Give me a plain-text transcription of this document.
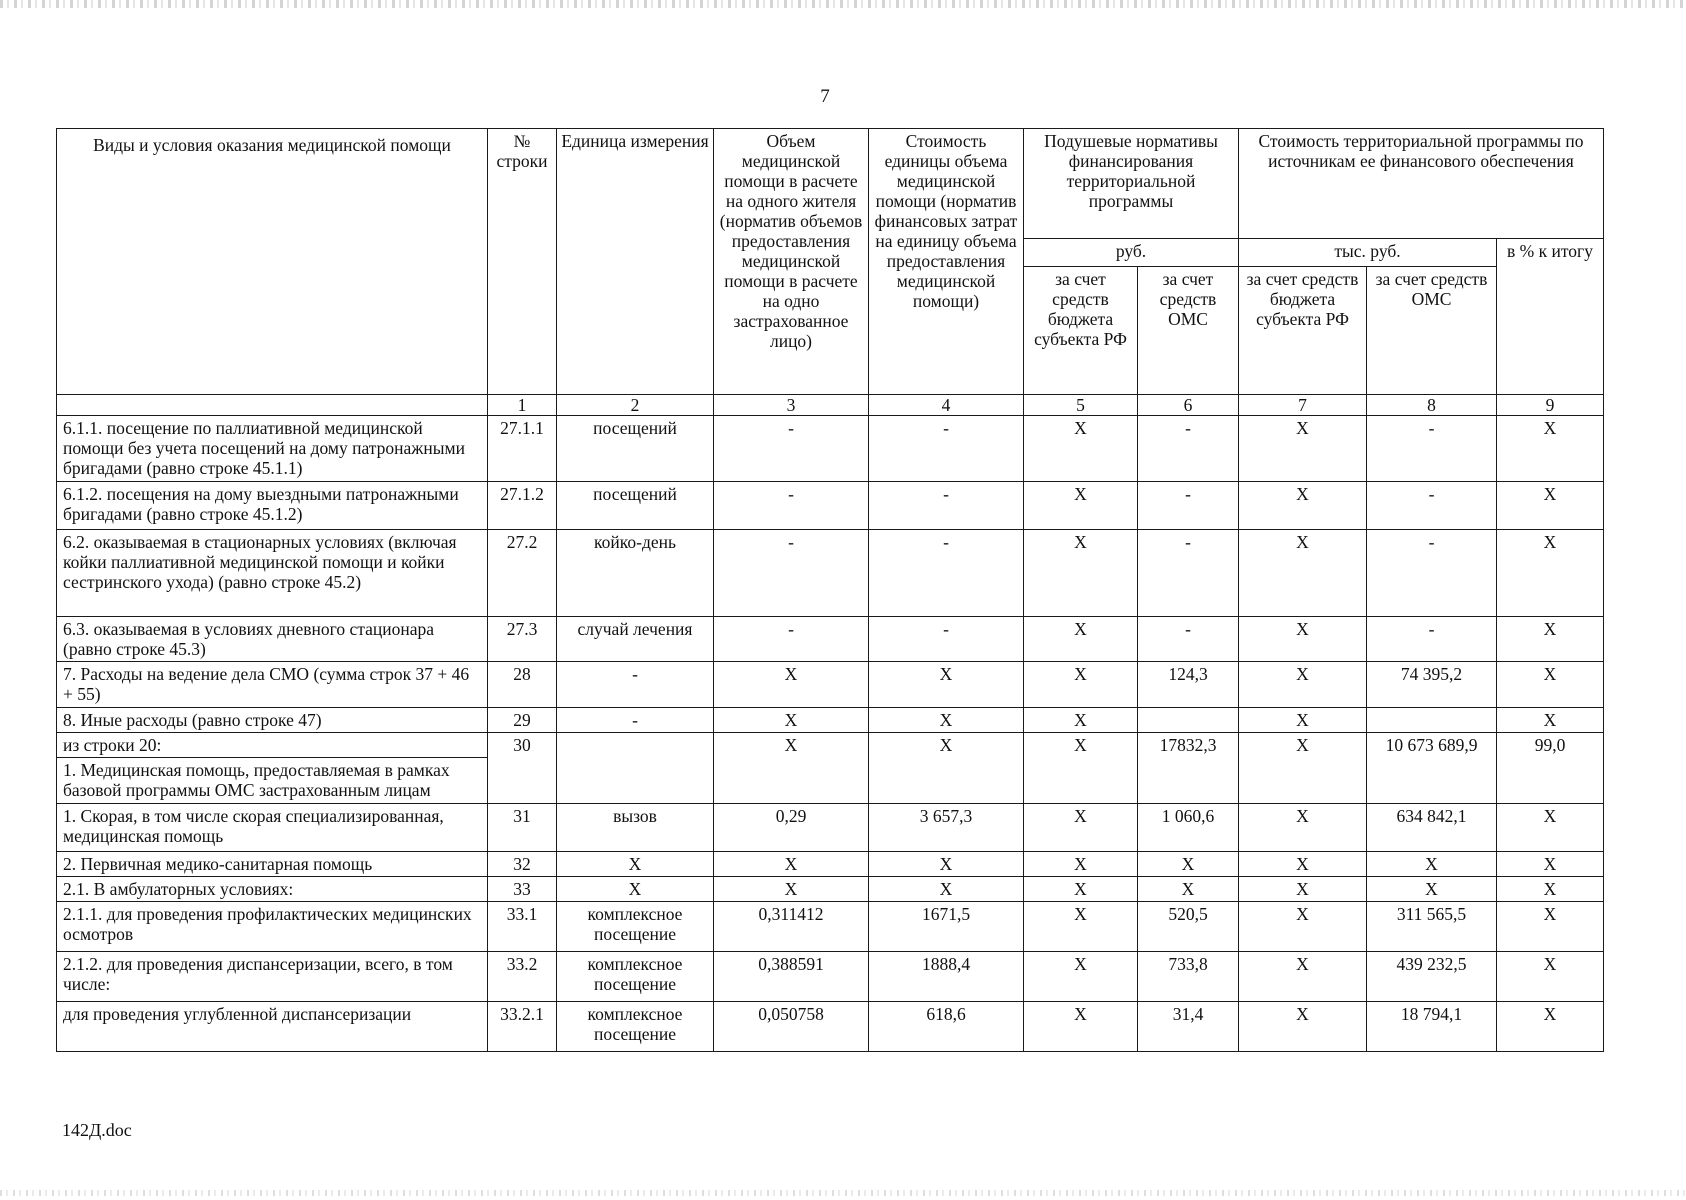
7
Виды и условия оказания медицинской помощи	№ строки	Единица измерения	Объем медицинской помощи в расчете на одного жителя (норматив объемов предоставления медицинской помощи в расчете на одно застрахованное лицо)	Стоимость единицы объема медицинской помощи (норматив финансовых затрат на единицу объема предоставления медицинской помощи)	Подушевые нормативы финансирования территориальной программы		Стоимость территориальной программы по источникам ее финансового обеспечения		
					руб.		тыс. руб.		в % к итогу
					за счет средств бюджета субъекта РФ	за счет средств ОМС	за счет средств бюджета субъекта РФ	за счет средств ОМС	
	1	2	3	4	5	6	7	8	9
6.1.1. посещение по паллиативной медицинской помощи без учета посещений на дому патронажными бригадами (равно строке 45.1.1)	27.1.1	посещений	-	-	X	-	X	-	X
6.1.2. посещения на дому выездными патронажными бригадами (равно строке 45.1.2)	27.1.2	посещений	-	-	X	-	X	-	X
6.2. оказываемая в стационарных условиях (включая койки паллиативной медицинской помощи и койки сестринского ухода) (равно строке 45.2)	27.2	койко-день	-	-	X	-	X	-	X
6.3. оказываемая в условиях дневного стационара (равно строке 45.3)	27.3	случай лечения	-	-	X	-	X	-	X
7. Расходы на ведение дела СМО (сумма строк 37 + 46 + 55)	28	-	X	X	X	124,3	X	74 395,2	X
8. Иные расходы (равно строке 47)	29	-	X	X	X		X		X
из строки 20:	30		X	X	X	17832,3	X	10 673 689,9	99,0
1. Медицинская помощь, предоставляемая в рамках базовой программы ОМС застрахованным лицам									
1. Скорая, в том числе скорая специализированная, медицинская помощь	31	вызов	0,29	3 657,3	X	1 060,6	X	634 842,1	X
2. Первичная медико-санитарная помощь	32	X	X	X	X	X	X	X	X
2.1. В амбулаторных условиях:	33	X	X	X	X	X	X	X	X
2.1.1. для проведения профилактических медицинских осмотров	33.1	комплексное посещение	0,311412	1671,5	X	520,5	X	311 565,5	X
2.1.2. для проведения диспансеризации, всего, в том числе:	33.2	комплексное посещение	0,388591	1888,4	X	733,8	X	439 232,5	X
для проведения углубленной диспансеризации	33.2.1	комплексное посещение	0,050758	618,6	X	31,4	X	18 794,1	X
142Д.doc
